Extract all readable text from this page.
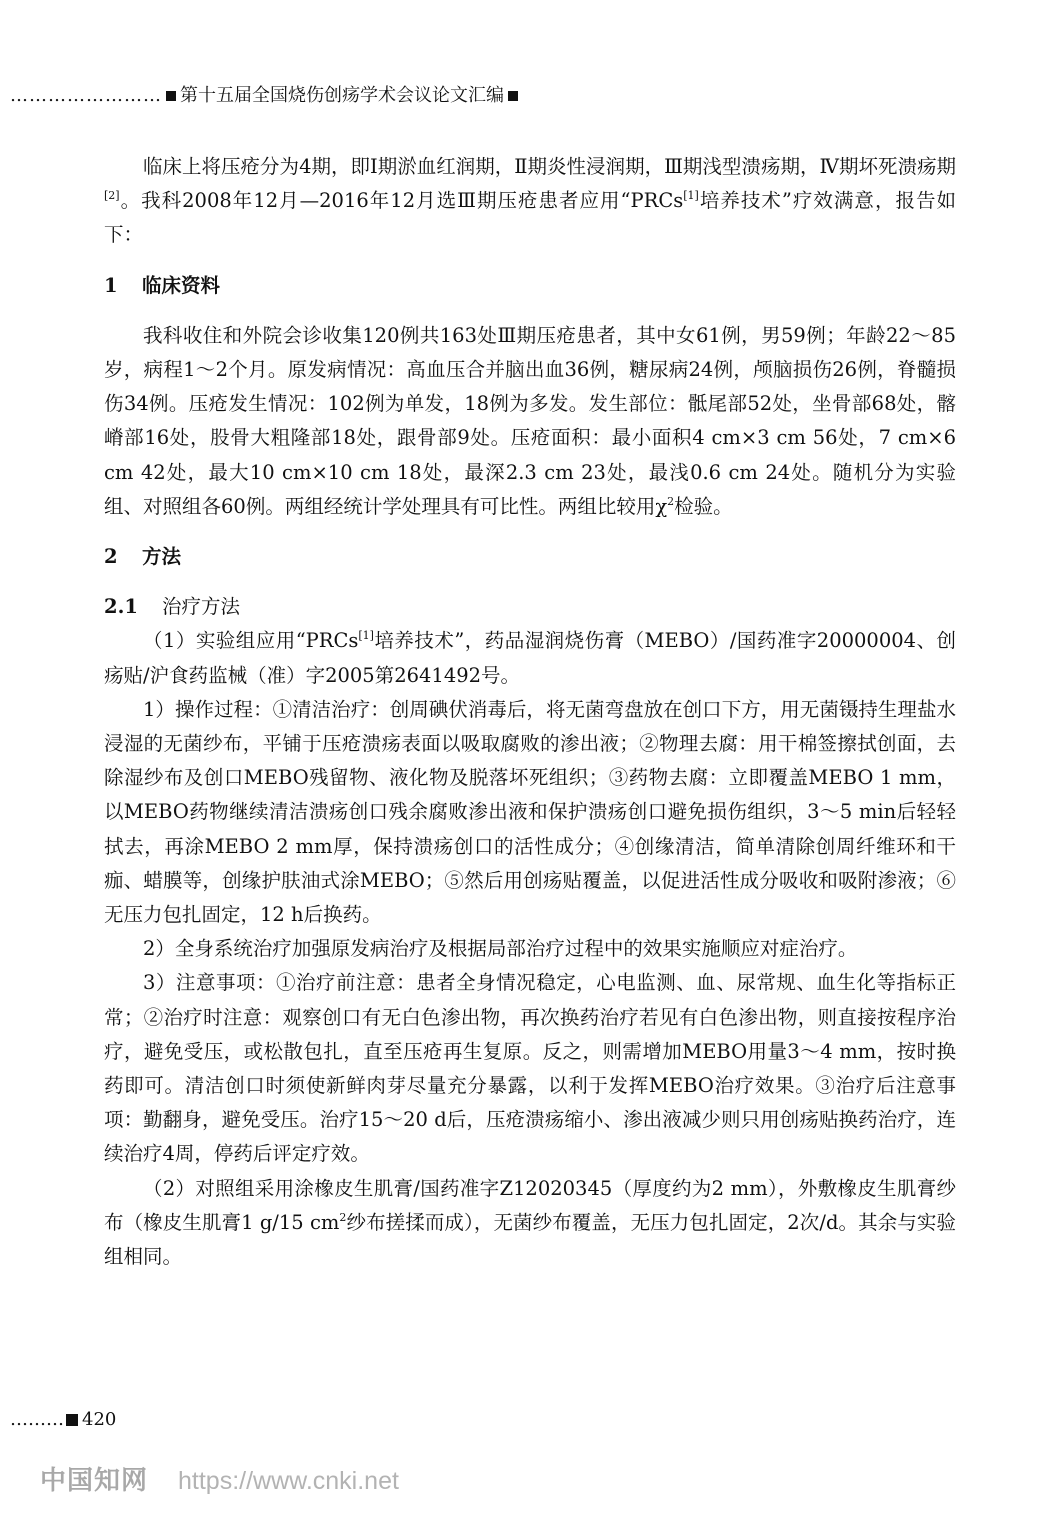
…………………… 第十五届全国烧伤创疡学术会议论文汇编

临床上将压疮分为4期，即Ⅰ期淤血红润期，Ⅱ期炎性浸润期，Ⅲ期浅型溃疡期，Ⅳ期坏死溃疡期[2]。我科2008年12月—2016年12月选Ⅲ期压疮患者应用“PRCs[1]培养技术”疗效满意，报告如下：

1 临床资料

我科收住和外院会诊收集120例共163处Ⅲ期压疮患者，其中女61例，男59例；年龄22～85岁，病程1～2个月。原发病情况：高血压合并脑出血36例，糖尿病24例，颅脑损伤26例，脊髓损伤34例。压疮发生情况：102例为单发，18例为多发。发生部位：骶尾部52处，坐骨部68处，髂嵴部16处，股骨大粗隆部18处，跟骨部9处。压疮面积：最小面积4 cm×3 cm 56处，7 cm×6 cm 42处，最大10 cm×10 cm 18处，最深2.3 cm 23处，最浅0.6 cm 24处。随机分为实验组、对照组各60例。两组经统计学处理具有可比性。两组比较用$\chi^2$检验。

2 方法

2.1 治疗方法

（1）实验组应用“PRCs[1]培养技术”，药品湿润烧伤膏（MEBO）/国药准字20000004、创疡贴/沪食药监械（准）字2005第2641492号。

1）操作过程：①清洁治疗：创周碘伏消毒后，将无菌弯盘放在创口下方，用无菌镊持生理盐水浸湿的无菌纱布，平铺于压疮溃疡表面以吸取腐败的渗出液；②物理去腐：用干棉签擦拭创面，去除湿纱布及创口MEBO残留物、液化物及脱落坏死组织；③药物去腐：立即覆盖MEBO 1 mm，以MEBO药物继续清洁溃疡创口残余腐败渗出液和保护溃疡创口避免损伤组织，3～5 min后轻轻拭去，再涂MEBO 2 mm厚，保持溃疡创口的活性成分；④创缘清洁，简单清除创周纤维环和干痂、蜡膜等，创缘护肤油式涂MEBO；⑤然后用创疡贴覆盖，以促进活性成分吸收和吸附渗液；⑥无压力包扎固定，12 h后换药。

2）全身系统治疗加强原发病治疗及根据局部治疗过程中的效果实施顺应对症治疗。

3）注意事项：①治疗前注意：患者全身情况稳定，心电监测、血、尿常规、血生化等指标正常；②治疗时注意：观察创口有无白色渗出物，再次换药治疗若见有白色渗出物，则直接按程序治疗，避免受压，或松散包扎，直至压疮再生复原。反之，则需增加MEBO用量3～4 mm，按时换药即可。清洁创口时须使新鲜肉芽尽量充分暴露，以利于发挥MEBO治疗效果。③治疗后注意事项：勤翻身，避免受压。治疗15～20 d后，压疮溃疡缩小、渗出液减少则只用创疡贴换药治疗，连续治疗4周，停药后评定疗效。

（2）对照组采用涂橡皮生肌膏/国药准字Z12020345（厚度约为2 mm），外敷橡皮生肌膏纱布（橡皮生肌膏1 g/15 $cm^2$纱布搓揉而成），无菌纱布覆盖，无压力包扎固定，2次/d。其余与实验组相同。

……… 420
中国知网 https://www.cnki.net
